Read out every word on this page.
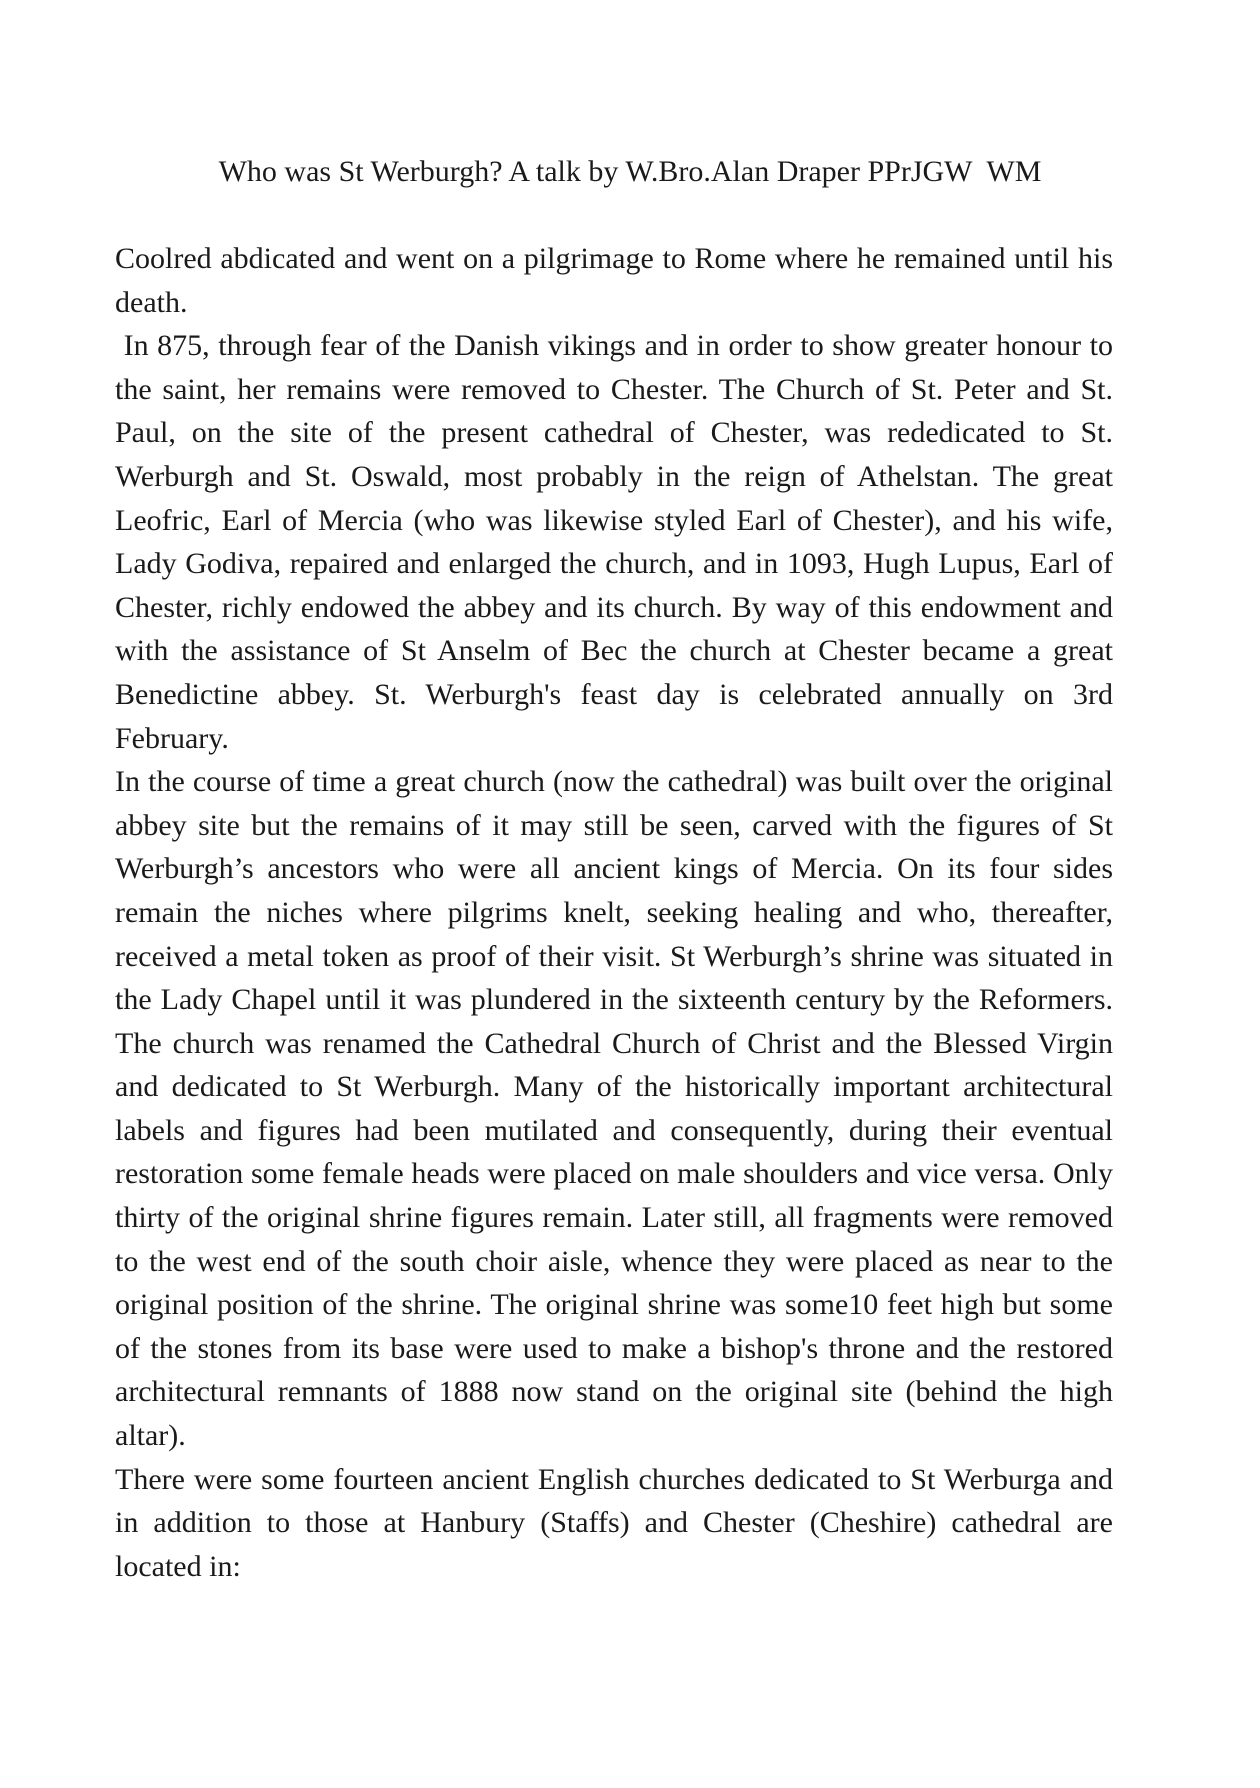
Who was St Werburgh? A talk by W.Bro.Alan Draper PPrJGW  WM

Coolred abdicated and went on a pilgrimage to Rome where he remained until his death.

In 875, through fear of the Danish vikings and in order to show greater honour to the saint, her remains were removed to Chester. The Church of St. Peter and St. Paul, on the site of the present cathedral of Chester, was rededicated to St. Werburgh and St. Oswald, most probably in the reign of Athelstan. The great Leofric, Earl of Mercia (who was likewise styled Earl of Chester), and his wife, Lady Godiva, repaired and enlarged the church, and in 1093, Hugh Lupus, Earl of Chester, richly endowed the abbey and its church. By way of this endowment and with the assistance of St Anselm of Bec the church at Chester became a great Benedictine abbey. St. Werburgh's feast day is celebrated annually on 3rd February.

In the course of time a great church (now the cathedral) was built over the original abbey site but the remains of it may still be seen, carved with the figures of St Werburgh’s ancestors who were all ancient kings of Mercia. On its four sides remain the niches where pilgrims knelt, seeking healing and who, thereafter, received a metal token as proof of their visit. St Werburgh’s shrine was situated in the Lady Chapel until it was plundered in the sixteenth century by the Reformers. The church was renamed the Cathedral Church of Christ and the Blessed Virgin and dedicated to St Werburgh. Many of the historically important architectural labels and figures had been mutilated and consequently, during their eventual restoration some female heads were placed on male shoulders and vice versa. Only thirty of the original shrine figures remain. Later still, all fragments were removed to the west end of the south choir aisle, whence they were placed as near to the original position of the shrine. The original shrine was some10 feet high but some of the stones from its base were used to make a bishop's throne and the restored architectural remnants of 1888 now stand on the original site (behind the high altar).

There were some fourteen ancient English churches dedicated to St Werburga and in addition to those at Hanbury (Staffs) and Chester (Cheshire) cathedral are located in:
